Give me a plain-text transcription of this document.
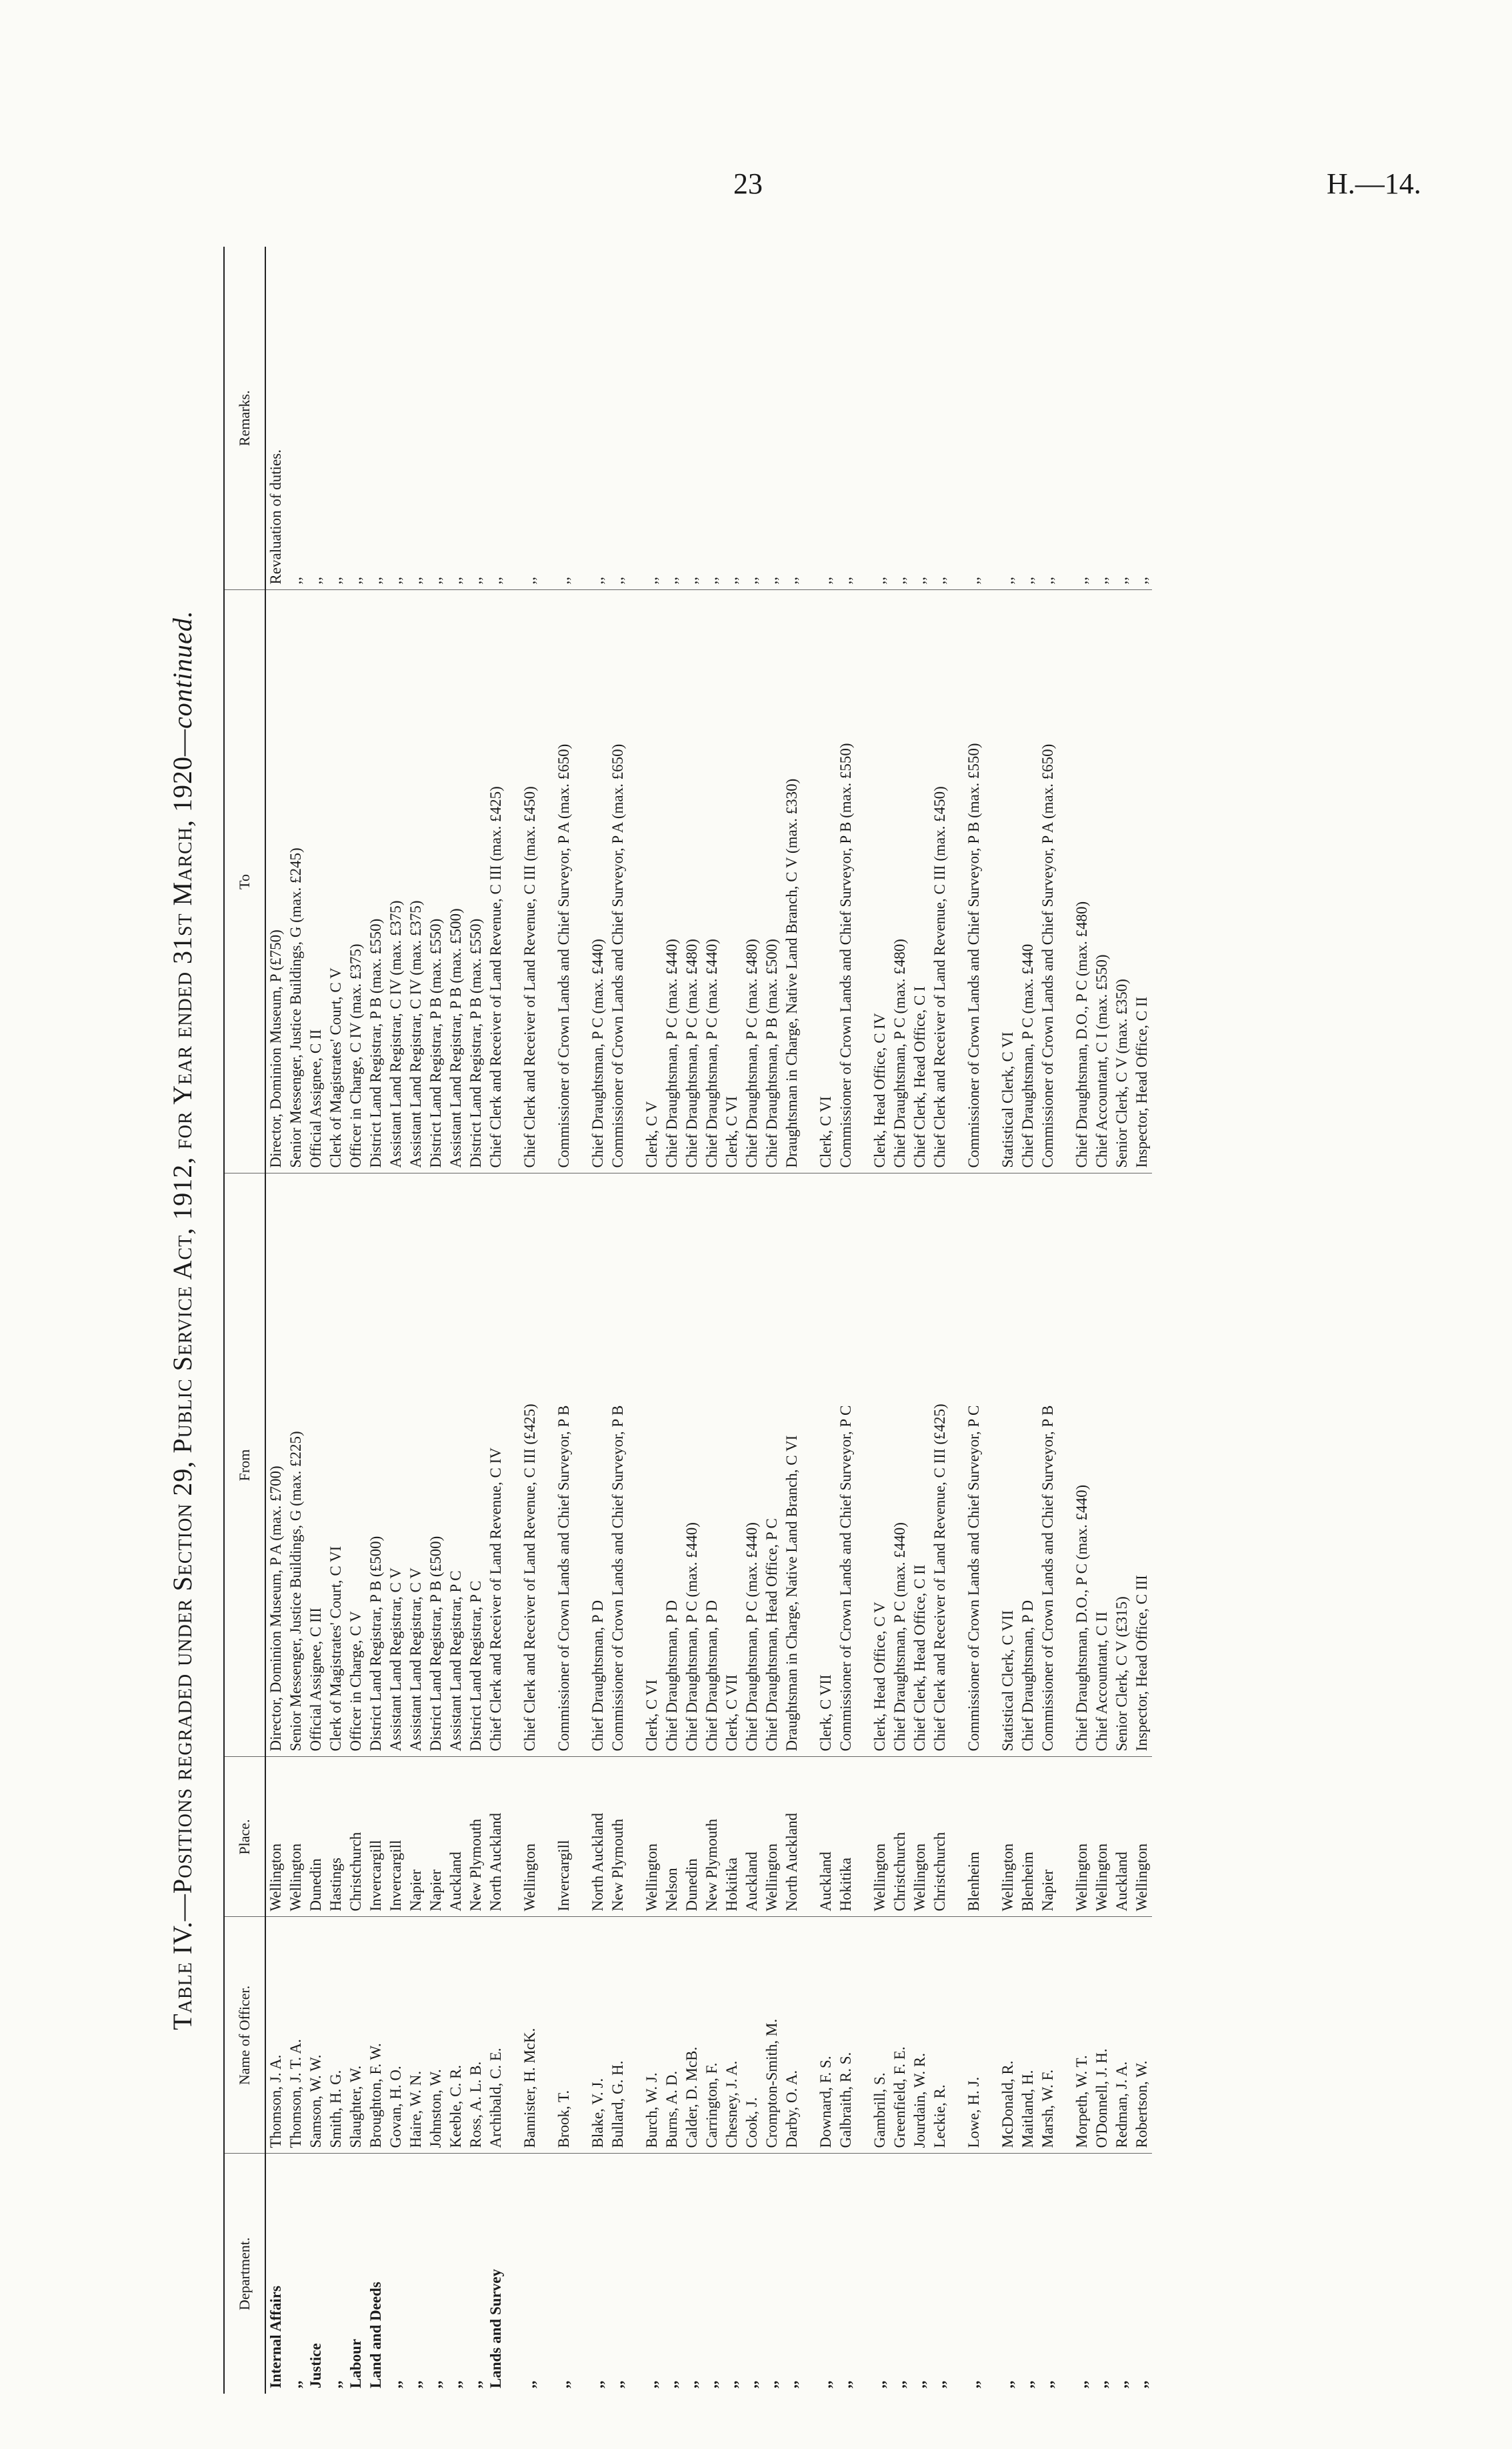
23	H.—14.
Table IV.—Positions regraded under Section 29, Public Service Act, 1912, for Year ended 31st March, 1920—continued.
Department.	Name of Officer.	Place.	From	To	Remarks.
Internal Affairs	Thomson, J. A.	Wellington	Director, Dominion Museum, P A (max. £700)	Director, Dominion Museum, P (£750)	Revaluation of duties.
,,	Thomson, J. T. A.	Wellington	Senior Messenger, Justice Buildings, G (max. £225)	Senior Messenger, Justice Buildings, G (max. £245)	,,
Justice	Samson, W. W.	Dunedin	Official Assignee, C III	Official Assignee, C II	,,
,,	Smith, H. G.	Hastings	Clerk of Magistrates' Court, C VI	Clerk of Magistrates' Court, C V	,,
Labour	Slaughter, W.	Christchurch	Officer in Charge, C V	Officer in Charge, C IV (max. £375)	,,
Land and Deeds	Broughton, F. W.	Invercargill	District Land Registrar, P B (£500)	District Land Registrar, P B (max. £550)	,,
,,	Govan, H. O.	Invercargill	Assistant Land Registrar, C V	Assistant Land Registrar, C IV (max. £375)	,,
,,	Haire, W. N.	Napier	Assistant Land Registrar, C V	Assistant Land Registrar, C IV (max. £375)	,,
,,	Johnston, W.	Napier	District Land Registrar, P B (£500)	District Land Registrar, P B (max. £550)	,,
,,	Keeble, C. R.	Auckland	Assistant Land Registrar, P C	Assistant Land Registrar, P B (max. £500)	,,
,,	Ross, A. L. B.	New Plymouth	District Land Registrar, P C	District Land Registrar, P B (max. £550)	,,
Lands and Survey	Archibald, C. E.	North Auckland	Chief Clerk and Receiver of Land Revenue, C IV	Chief Clerk and Receiver of Land Revenue, C III (max. £425)	,,
,,	Bannister, H. McK.	Wellington	Chief Clerk and Receiver of Land Revenue, C III (£425)	Chief Clerk and Receiver of Land Revenue, C III (max. £450)	,,
,,	Brook, T.	Invercargill	Commissioner of Crown Lands and Chief Surveyor, P B	Commissioner of Crown Lands and Chief Surveyor, P A (max. £650)	,,
,,	Blake, V. J.	North Auckland	Chief Draughtsman, P D	Chief Draughtsman, P C (max. £440)	,,
,,	Bullard, G. H.	New Plymouth	Commissioner of Crown Lands and Chief Surveyor, P B	Commissioner of Crown Lands and Chief Surveyor, P A (max. £650)	,,
,,	Burch, W. J.	Wellington	Clerk, C VI	Clerk, C V	,,
,,	Burns, A. D.	Nelson	Chief Draughtsman, P D	Chief Draughtsman, P C (max. £440)	,,
,,	Calder, D. McB.	Dunedin	Chief Draughtsman, P C (max. £440)	Chief Draughtsman, P C (max. £480)	,,
,,	Carrington, F.	New Plymouth	Chief Draughtsman, P D	Chief Draughtsman, P C (max. £440)	,,
,,	Chesney, J. A.	Hokitika	Clerk, C VII	Clerk, C VI	,,
,,	Cook, J.	Auckland	Chief Draughtsman, P C (max. £440)	Chief Draughtsman, P C (max. £480)	,,
,,	Crompton-Smith, M.	Wellington	Chief Draughtsman, Head Office, P C	Chief Draughtsman, P B (max. £500)	,,
,,	Darby, O. A.	North Auckland	Draughtsman in Charge, Native Land Branch, C VI	Draughtsman in Charge, Native Land Branch, C V (max. £330)	,,
,,	Downard, F. S.	Auckland	Clerk, C VII	Clerk, C VI	,,
,,	Galbraith, R. S.	Hokitika	Commissioner of Crown Lands and Chief Surveyor, P C	Commissioner of Crown Lands and Chief Surveyor, P B (max. £550)	,,
,,	Gambrill, S.	Wellington	Clerk, Head Office, C V	Clerk, Head Office, C IV	,,
,,	Greenfield, F. E.	Christchurch	Chief Draughtsman, P C (max. £440)	Chief Draughtsman, P C (max. £480)	,,
,,	Jourdain, W. R.	Wellington	Chief Clerk, Head Office, C II	Chief Clerk, Head Office, C I	,,
,,	Leckie, R.	Christchurch	Chief Clerk and Receiver of Land Revenue, C III (£425)	Chief Clerk and Receiver of Land Revenue, C III (max. £450)	,,
,,	Lowe, H. J.	Blenheim	Commissioner of Crown Lands and Chief Surveyor, P C	Commissioner of Crown Lands and Chief Surveyor, P B (max. £550)	,,
,,	McDonald, R.	Wellington	Statistical Clerk, C VII	Statistical Clerk, C VI	,,
,,	Maitland, H.	Blenheim	Chief Draughtsman, P D	Chief Draughtsman, P C (max. £440	,,
,,	Marsh, W. F.	Napier	Commissioner of Crown Lands and Chief Surveyor, P B	Commissioner of Crown Lands and Chief Surveyor, P A (max. £650)	,,
,,	Morpeth, W. T.	Wellington	Chief Draughtsman, D.O., P C (max. £440)	Chief Draughtsman, D.O., P C (max. £480)	,,
,,	O'Donnell, J. H.	Wellington	Chief Accountant, C II	Chief Accountant, C I (max. £550)	,,
,,	Redman, J. A.	Auckland	Senior Clerk, C V (£315)	Senior Clerk, C V (max. £350)	,,
,,	Robertson, W.	Wellington	Inspector, Head Office, C III	Inspector, Head Office, C II	,,
